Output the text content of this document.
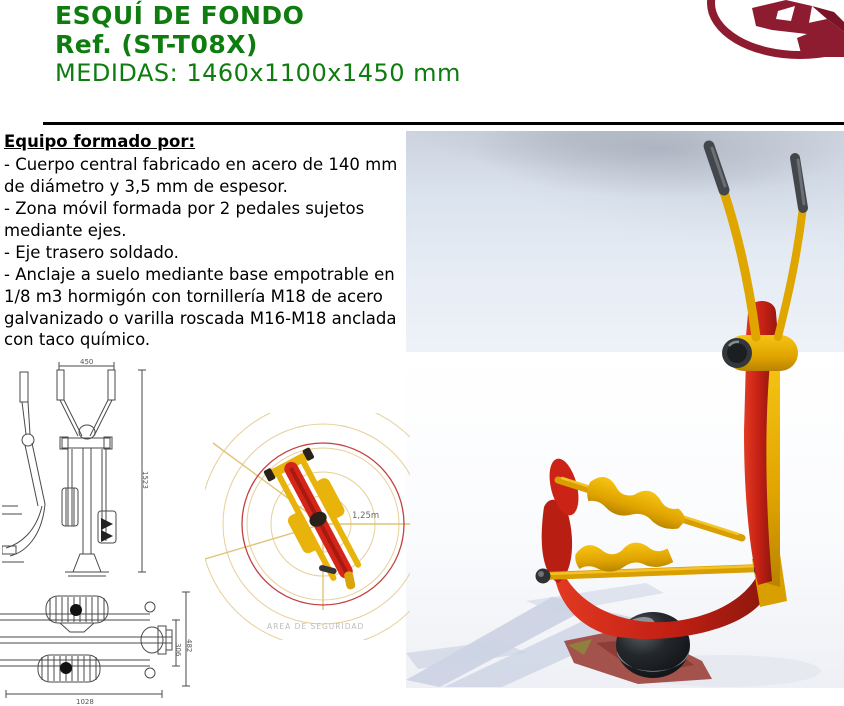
ESQUÍ DE FONDO
Ref. (ST-T08X)
MEDIDAS: 1460x1100x1450 mm
Equipo formado por:
- Cuerpo central fabricado en acero de 140 mm de diámetro y 3,5 mm de espesor.
- Zona móvil formada por 2 pedales sujetos mediante ejes.
- Eje trasero soldado.
- Anclaje a suelo mediante base empotrable en 1/8 m3 hormigón con tornillería M18 de acero galvanizado o varilla roscada M16-M18 anclada con taco químico.
450
1523
1028
482
306
1,25m
AREA DE SEGURIDAD
